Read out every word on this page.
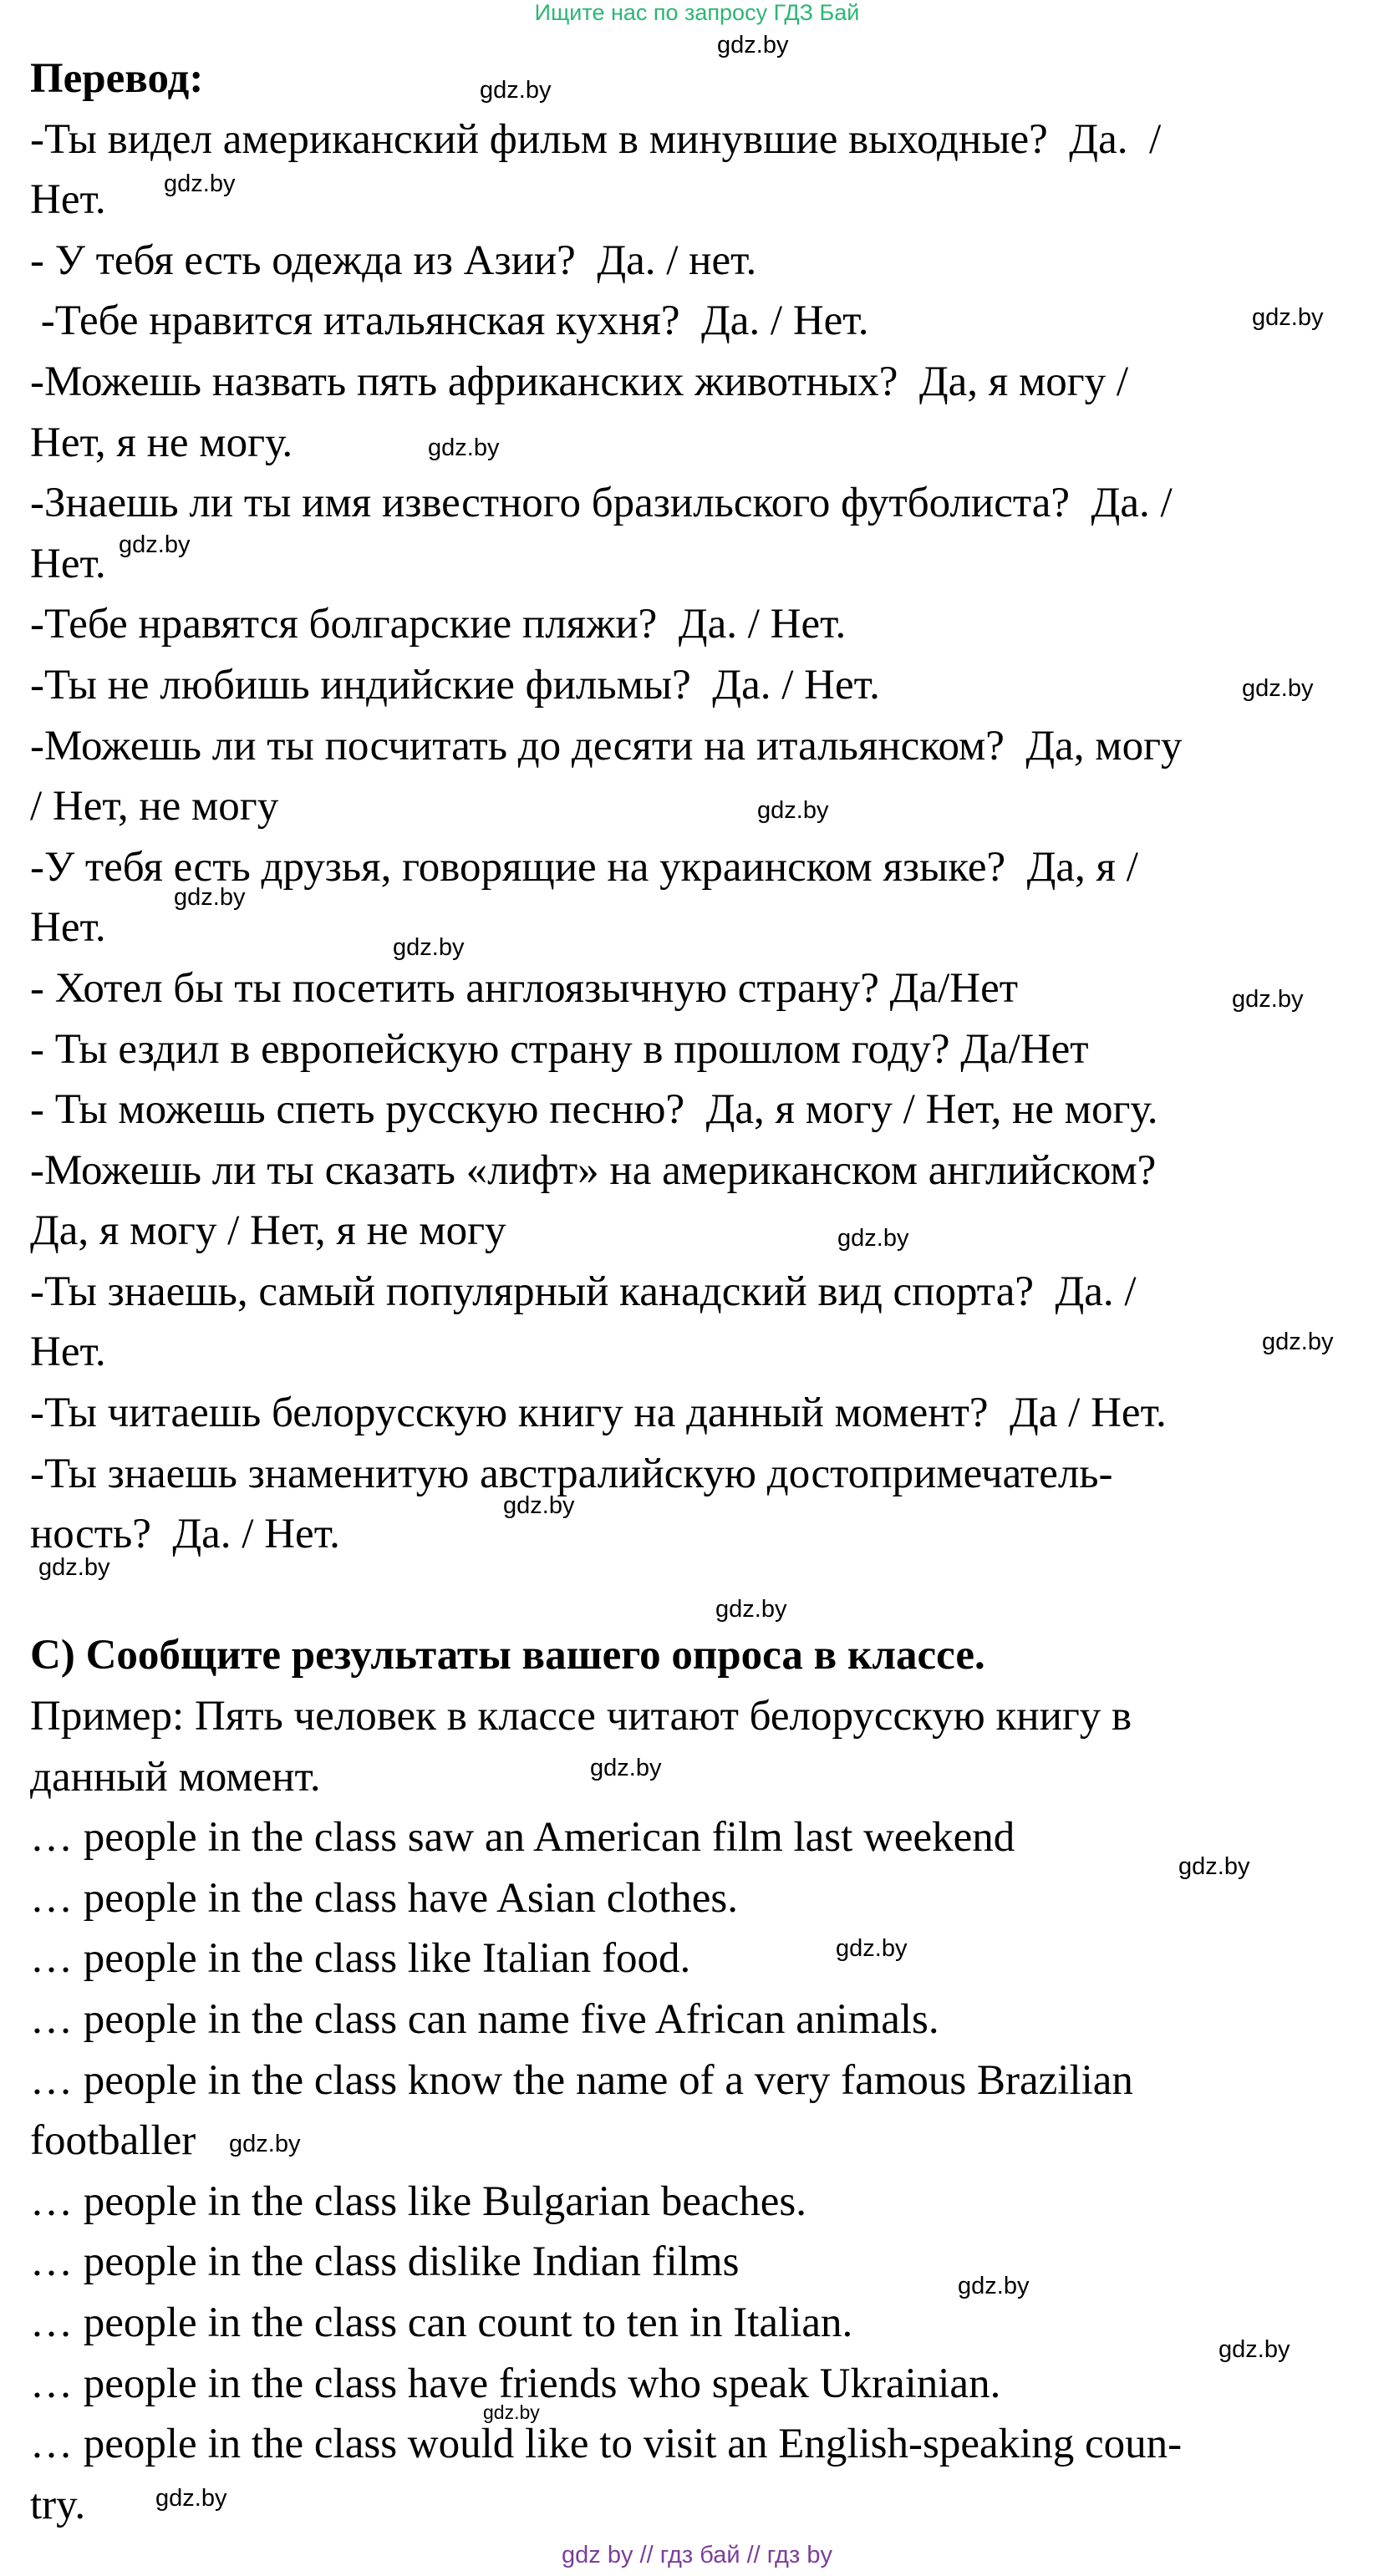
Ищите нас по запросу ГДЗ Бай
Перевод:
-Ты видел американский фильм в минувшие выходные?  Да.  /
Нет.
- У тебя есть одежда из Азии?  Да. / нет.
-Тебе нравится итальянская кухня?  Да. / Нет.
-Можешь назвать пять африканских животных?  Да, я могу /
Нет, я не могу.
-Знаешь ли ты имя известного бразильского футболиста?  Да. /
Нет.
-Тебе нравятся болгарские пляжи?  Да. / Нет.
-Ты не любишь индийские фильмы?  Да. / Нет.
-Можешь ли ты посчитать до десяти на итальянском?  Да, могу
/ Нет, не могу
-У тебя есть друзья, говорящие на украинском языке?  Да, я /
Нет.
- Хотел бы ты посетить англоязычную страну? Да/Нет
- Ты ездил в европейскую страну в прошлом году? Да/Нет
- Ты можешь спеть русскую песню?  Да, я могу / Нет, не могу.
-Можешь ли ты сказать «лифт» на американском английском?
Да, я могу / Нет, я не могу
-Ты знаешь, самый популярный канадский вид спорта?  Да. /
Нет.
-Ты читаешь белорусскую книгу на данный момент?  Да / Нет.
-Ты знаешь знаменитую австралийскую достопримечатель-
ность?  Да. / Нет.
С) Сообщите результаты вашего опроса в классе.
Пример: Пять человек в классе читают белорусскую книгу в
данный момент.
… people in the class saw an American film last weekend
… people in the class have Asian clothes.
… people in the class like Italian food.
… people in the class can name five African animals.
… people in the class know the name of a very famous Brazilian
footballer
… people in the class like Bulgarian beaches.
… people in the class dislike Indian films
… people in the class can count to ten in Italian.
… people in the class have friends who speak Ukrainian.
… people in the class would like to visit an English-speaking coun-
try.
gdz.by
gdz.by
gdz.by
gdz.by
gdz.by
gdz.by
gdz.by
gdz.by
gdz.by
gdz.by
gdz.by
gdz.by
gdz.by
gdz.by
gdz.by
gdz.by
gdz.by
gdz.by
gdz.by
gdz.by
gdz.by
gdz.by
gdz.by
gdz.by
gdz by // гдз бай // гдз by
